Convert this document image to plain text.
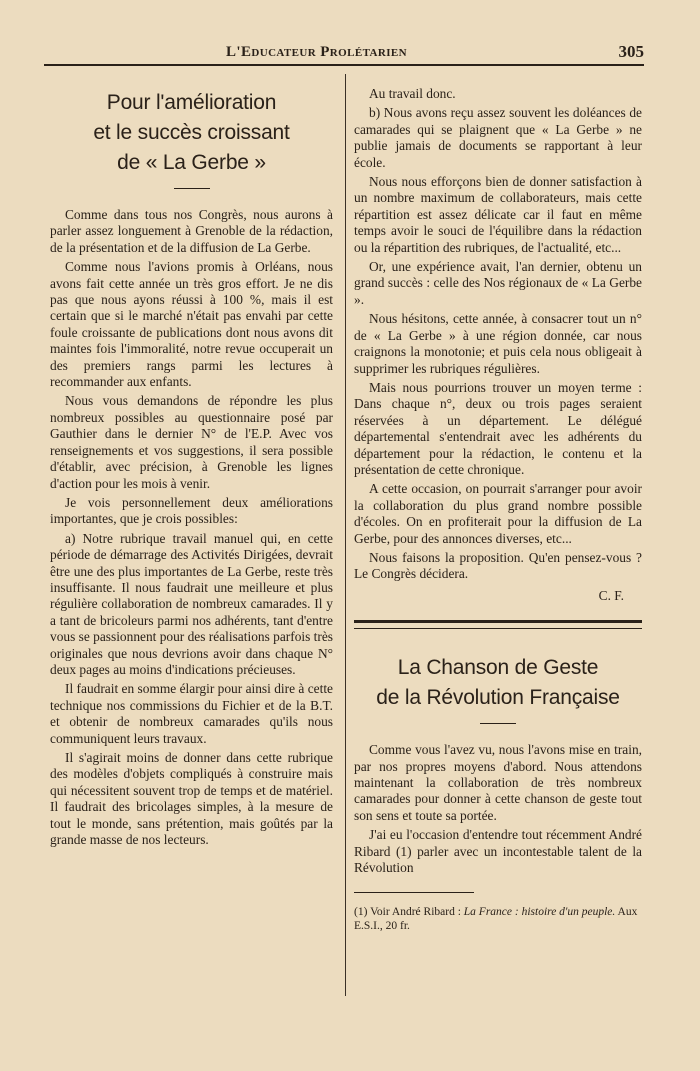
L'Educateur Prolétarien	305
Pour l'amélioration
et le succès croissant
de « La Gerbe »

Comme dans tous nos Congrès, nous aurons à parler assez longuement à Grenoble de la rédaction, de la présentation et de la diffusion de La Gerbe.

Comme nous l'avions promis à Orléans, nous avons fait cette année un très gros effort. Je ne dis pas que nous ayons réussi à 100 %, mais il est certain que si le marché n'était pas envahi par cette foule croissante de publications dont nous avons dit maintes fois l'immoralité, notre revue occuperait un des premiers rangs parmi les lectures à recommander aux enfants.

Nous vous demandons de répondre les plus nombreux possibles au questionnaire posé par Gauthier dans le dernier N° de l'E.P. Avec vos renseignements et vos suggestions, il sera possible d'établir, avec précision, à Grenoble les lignes d'action pour les mois à venir.

Je vois personnellement deux améliorations importantes, que je crois possibles:

a) Notre rubrique travail manuel qui, en cette période de démarrage des Activités Dirigées, devrait être une des plus importantes de La Gerbe, reste très insuffisante. Il nous faudrait une meilleure et plus régulière collaboration de nombreux camarades. Il y a tant de bricoleurs parmi nos adhérents, tant d'entre vous se passionnent pour des réalisations parfois très originales que nous devrions avoir dans chaque N° deux pages au moins d'indications précieuses.

Il faudrait en somme élargir pour ainsi dire à cette technique nos commissions du Fichier et de la B.T. et obtenir de nombreux camarades qu'ils nous communiquent leurs travaux.

Il s'agirait moins de donner dans cette rubrique des modèles d'objets compliqués à construire mais qui nécessitent souvent trop de temps et de matériel. Il faudrait des bricolages simples, à la mesure de tout le monde, sans prétention, mais goûtés par la grande masse de nos lecteurs.

Au travail donc.

b) Nous avons reçu assez souvent les doléances de camarades qui se plaignent que « La Gerbe » ne publie jamais de documents se rapportant à leur école.

Nous nous efforçons bien de donner satisfaction à un nombre maximum de collaborateurs, mais cette répartition est assez délicate car il faut en même temps avoir le souci de l'équilibre dans la rédaction ou la répartition des rubriques, de l'actualité, etc...

Or, une expérience avait, l'an dernier, obtenu un grand succès : celle des Nos régionaux de « La Gerbe ».

Nous hésitons, cette année, à consacrer tout un n° de « La Gerbe » à une région donnée, car nous craignons la monotonie; et puis cela nous obligeait à supprimer les rubriques régulières.

Mais nous pourrions trouver un moyen terme : Dans chaque n°, deux ou trois pages seraient réservées à un département. Le délégué départemental s'entendrait avec les adhérents du département pour la rédaction, le contenu et la présentation de cette chronique.

A cette occasion, on pourrait s'arranger pour avoir la collaboration du plus grand nombre possible d'écoles. On en profiterait pour la diffusion de La Gerbe, pour des annonces diverses, etc...

Nous faisons la proposition. Qu'en pensez-vous ? Le Congrès décidera.

C. F.

La Chanson de Geste
de la Révolution Française

Comme vous l'avez vu, nous l'avons mise en train, par nos propres moyens d'abord. Nous attendons maintenant la collaboration de très nombreux camarades pour donner à cette chanson de geste tout son sens et toute sa portée.

J'ai eu l'occasion d'entendre tout récemment André Ribard (1) parler avec un incontestable talent de la Révolution

(1) Voir André Ribard : La France : histoire d'un peuple. Aux E.S.I., 20 fr.
